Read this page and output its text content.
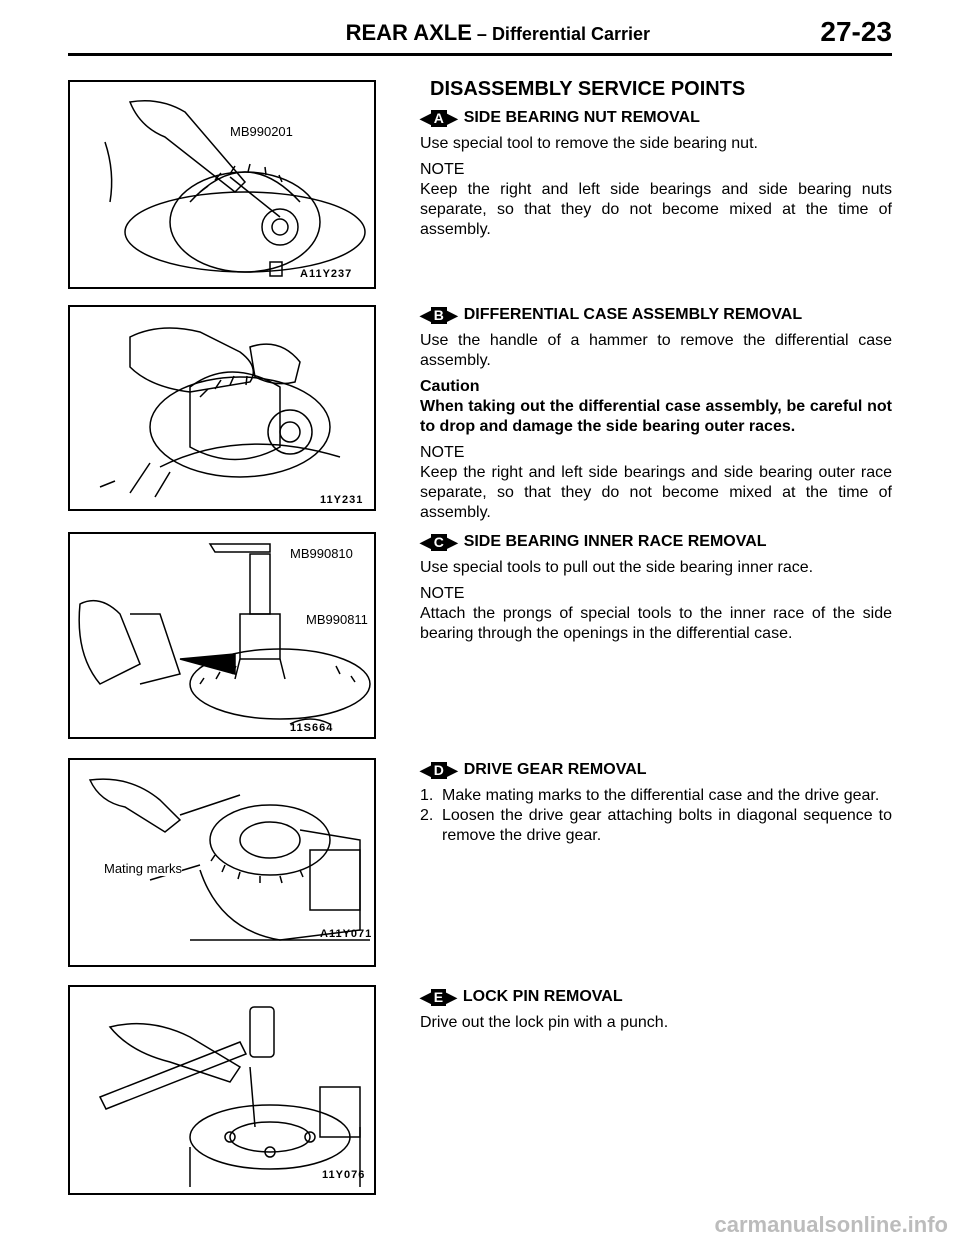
REAR AXLE – Differential Carrier	27-23
MB990201
A11Y237
11Y231
MB990810
MB990811
11S664
Mating marks
A11Y071
11Y076
DISASSEMBLY SERVICE POINTS

◀ A ▶ SIDE BEARING NUT REMOVAL

Use special tool to remove the side bearing nut.

NOTE

Keep the right and left side bearings and side bearing nuts separate, so that they do not become mixed at the time of assembly.

◀ B ▶ DIFFERENTIAL CASE ASSEMBLY REMOVAL

Use the handle of a hammer to remove the differential case assembly.

Caution

When taking out the differential case assembly, be careful not to drop and damage the side bearing outer races.

NOTE

Keep the right and left side bearings and side bearing outer race separate, so that they do not become mixed at the time of assembly.

◀ C ▶ SIDE BEARING INNER RACE REMOVAL

Use special tools to pull out the side bearing inner race.

NOTE

Attach the prongs of special tools to the inner race of the side bearing through the openings in the differential case.

◀ D ▶ DRIVE GEAR REMOVAL

1. Make mating marks to the differential case and the drive gear.
2. Loosen the drive gear attaching bolts in diagonal sequence to remove the drive gear.

◀ E ▶ LOCK PIN REMOVAL

Drive out the lock pin with a punch.

carmanualsonline.info
